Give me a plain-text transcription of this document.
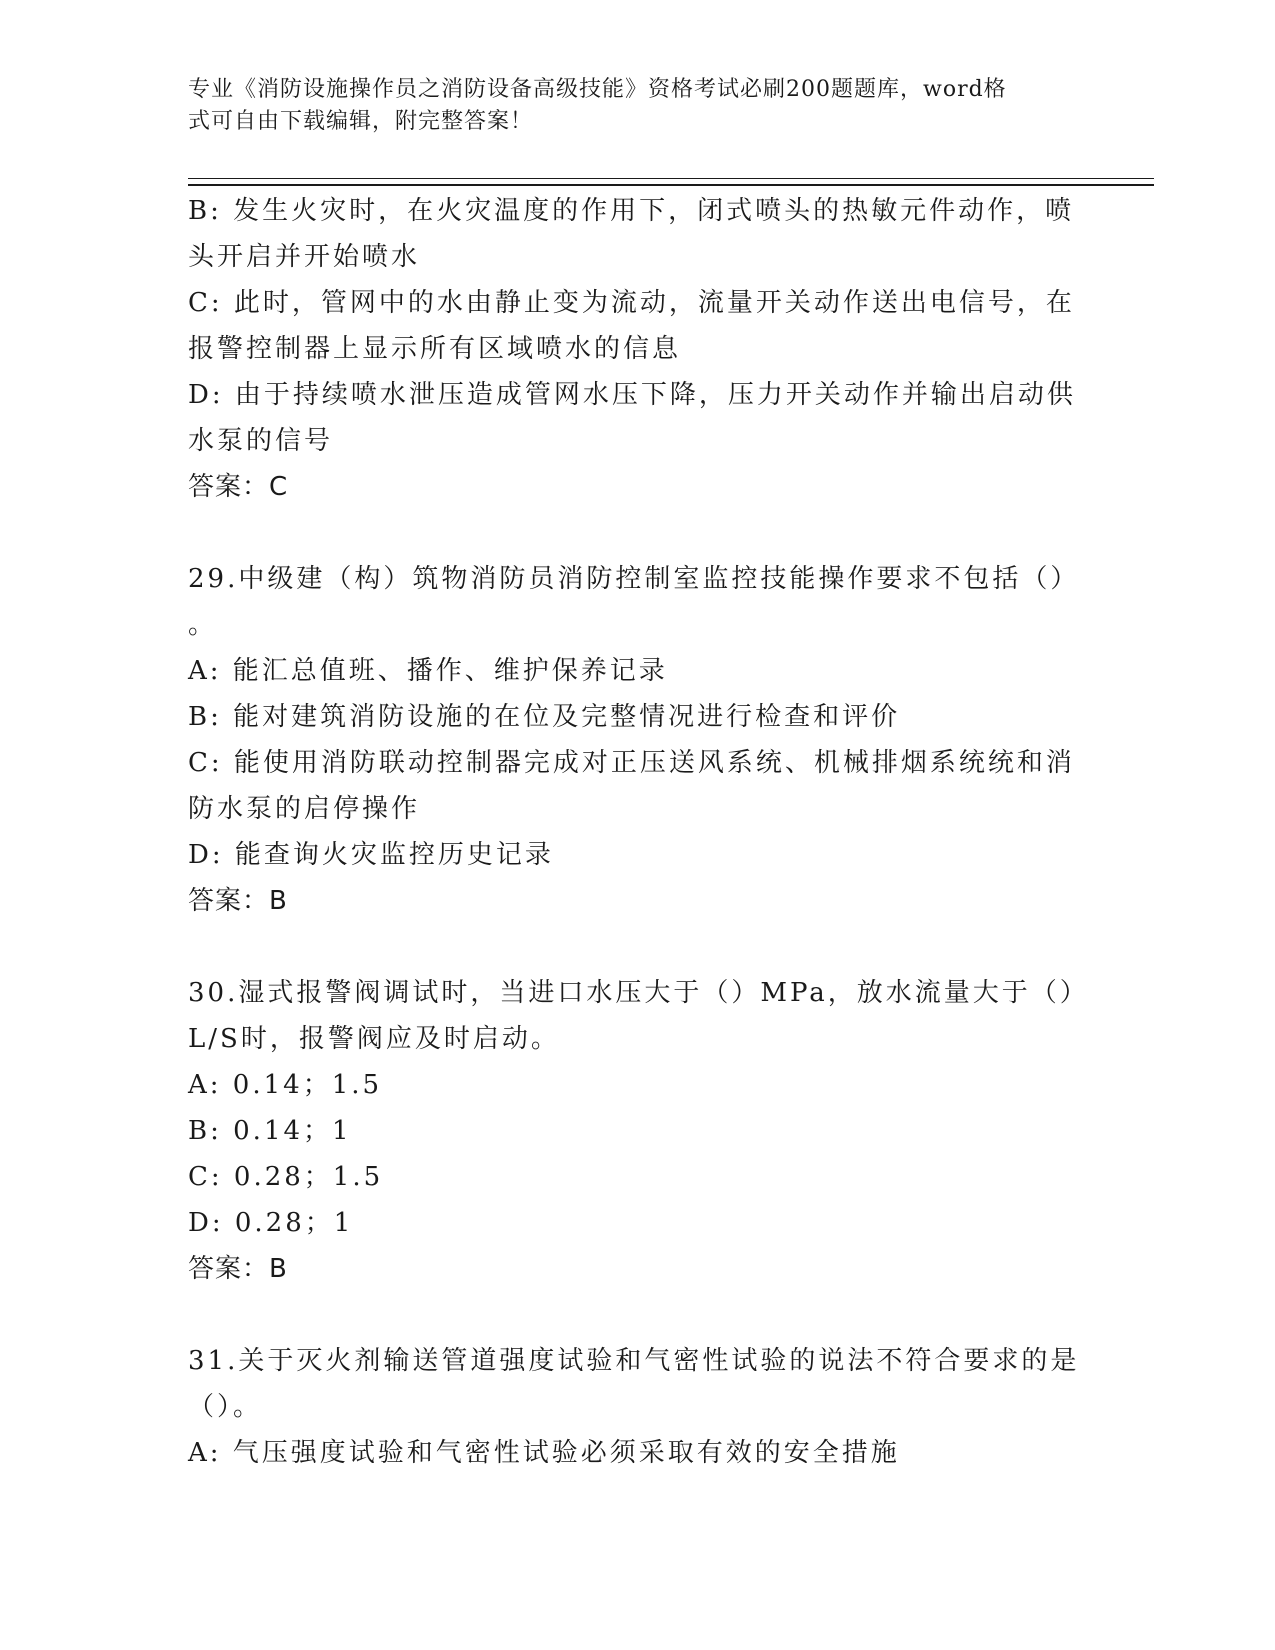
专业《消防设施操作员之消防设备高级技能》资格考试必刷200题题库，word格
式可自由下载编辑，附完整答案！
B: 发生火灾时，在火灾温度的作用下，闭式喷头的热敏元件动作，喷
头开启并开始喷水
C: 此时，管网中的水由静止变为流动，流量开关动作送出电信号，在
报警控制器上显示所有区域喷水的信息
D: 由于持续喷水泄压造成管网水压下降，压力开关动作并输出启动供
水泵的信号
答案：C
29.中级建（构）筑物消防员消防控制室监控技能操作要求不包括（）
。
A: 能汇总值班、播作、维护保养记录
B: 能对建筑消防设施的在位及完整情况进行检查和评价
C: 能使用消防联动控制器完成对正压送风系统、机械排烟系统统和消
防水泵的启停操作
D: 能查询火灾监控历史记录
答案：B
30.湿式报警阀调试时，当进口水压大于（）MPa，放水流量大于（）
L/S时，报警阀应及时启动。
A: 0.14；1.5
B: 0.14；1
C: 0.28；1.5
D: 0.28；1
答案：B
31.关于灭火剂输送管道强度试验和气密性试验的说法不符合要求的是
（）。
A: 气压强度试验和气密性试验必须采取有效的安全措施
